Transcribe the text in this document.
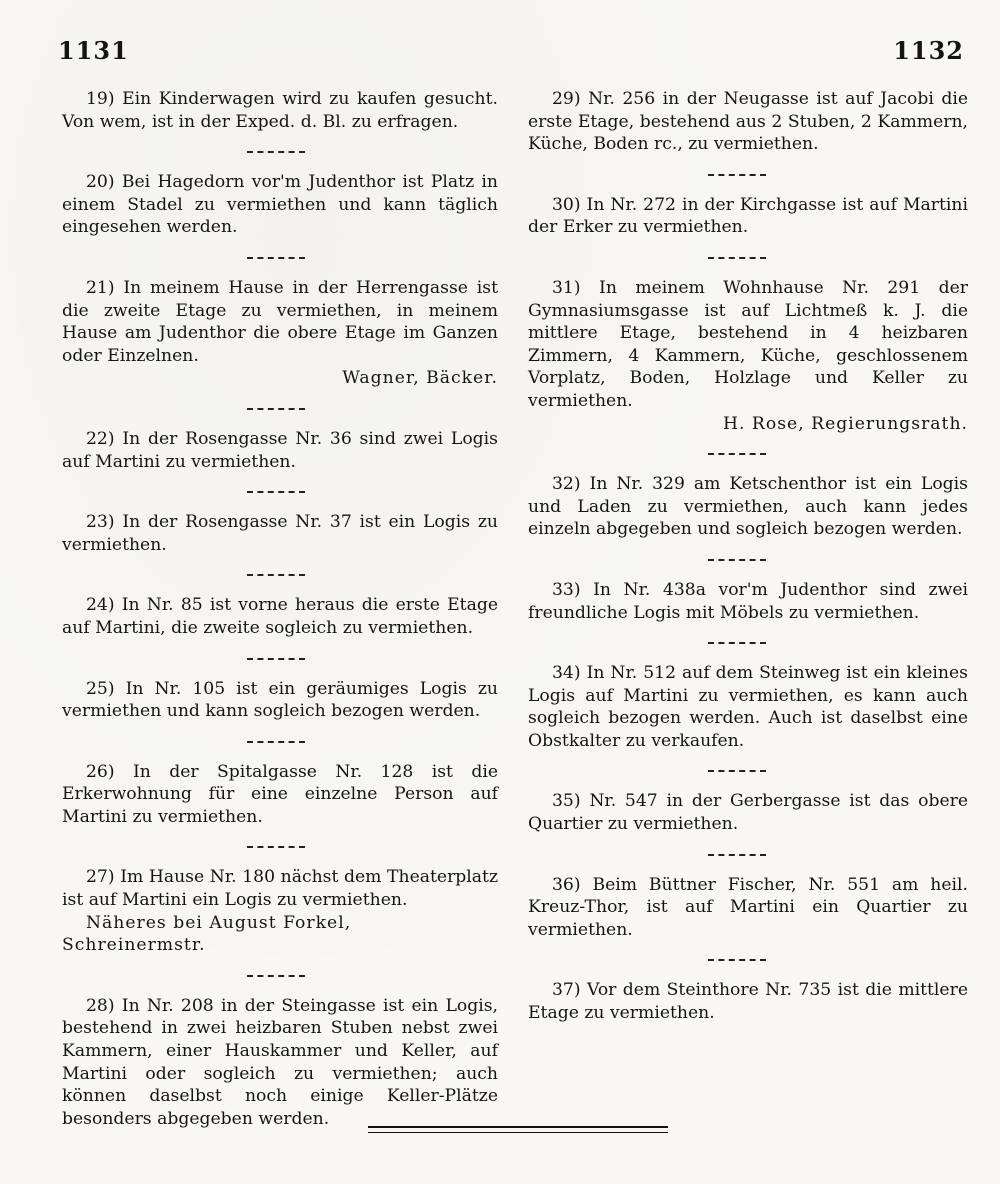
1131	1132

19) Ein Kinderwagen wird zu kaufen gesucht. Von wem, ist in der Exped. d. Bl. zu erfragen.

20) Bei Hagedorn vor'm Judenthor ist Platz in einem Stadel zu vermiethen und kann täglich eingesehen werden.

21) In meinem Hause in der Herrengasse ist die zweite Etage zu vermiethen, in meinem Hause am Judenthor die obere Etage im Ganzen oder Einzelnen.
Wagner, Bäcker.

22) In der Rosengasse Nr. 36 sind zwei Logis auf Martini zu vermiethen.

23) In der Rosengasse Nr. 37 ist ein Logis zu vermiethen.

24) In Nr. 85 ist vorne heraus die erste Etage auf Martini, die zweite sogleich zu vermiethen.

25) In Nr. 105 ist ein geräumiges Logis zu vermiethen und kann sogleich bezogen werden.

26) In der Spitalgasse Nr. 128 ist die Erkerwohnung für eine einzelne Person auf Martini zu vermiethen.

27) Im Hause Nr. 180 nächst dem Theaterplatz ist auf Martini ein Logis zu vermiethen.
Näheres bei August Forkel, Schreinermstr.

28) In Nr. 208 in der Steingasse ist ein Logis, bestehend in zwei heizbaren Stuben nebst zwei Kammern, einer Hauskammer und Keller, auf Martini oder sogleich zu vermiethen; auch können daselbst noch einige Keller-Plätze besonders abgegeben werden.

29) Nr. 256 in der Neugasse ist auf Jacobi die erste Etage, bestehend aus 2 Stuben, 2 Kammern, Küche, Boden rc., zu vermiethen.

30) In Nr. 272 in der Kirchgasse ist auf Martini der Erker zu vermiethen.

31) In meinem Wohnhause Nr. 291 der Gymnasiumsgasse ist auf Lichtmeß k. J. die mittlere Etage, bestehend in 4 heizbaren Zimmern, 4 Kammern, Küche, geschlossenem Vorplatz, Boden, Holzlage und Keller zu vermiethen.
H. Rose, Regierungsrath.

32) In Nr. 329 am Ketschenthor ist ein Logis und Laden zu vermiethen, auch kann jedes einzeln abgegeben und sogleich bezogen werden.

33) In Nr. 438a vor'm Judenthor sind zwei freundliche Logis mit Möbels zu vermiethen.

34) In Nr. 512 auf dem Steinweg ist ein kleines Logis auf Martini zu vermiethen, es kann auch sogleich bezogen werden. Auch ist daselbst eine Obstkalter zu verkaufen.

35) Nr. 547 in der Gerbergasse ist das obere Quartier zu vermiethen.

36) Beim Büttner Fischer, Nr. 551 am heil. Kreuz-Thor, ist auf Martini ein Quartier zu vermiethen.

37) Vor dem Steinthore Nr. 735 ist die mittlere Etage zu vermiethen.
